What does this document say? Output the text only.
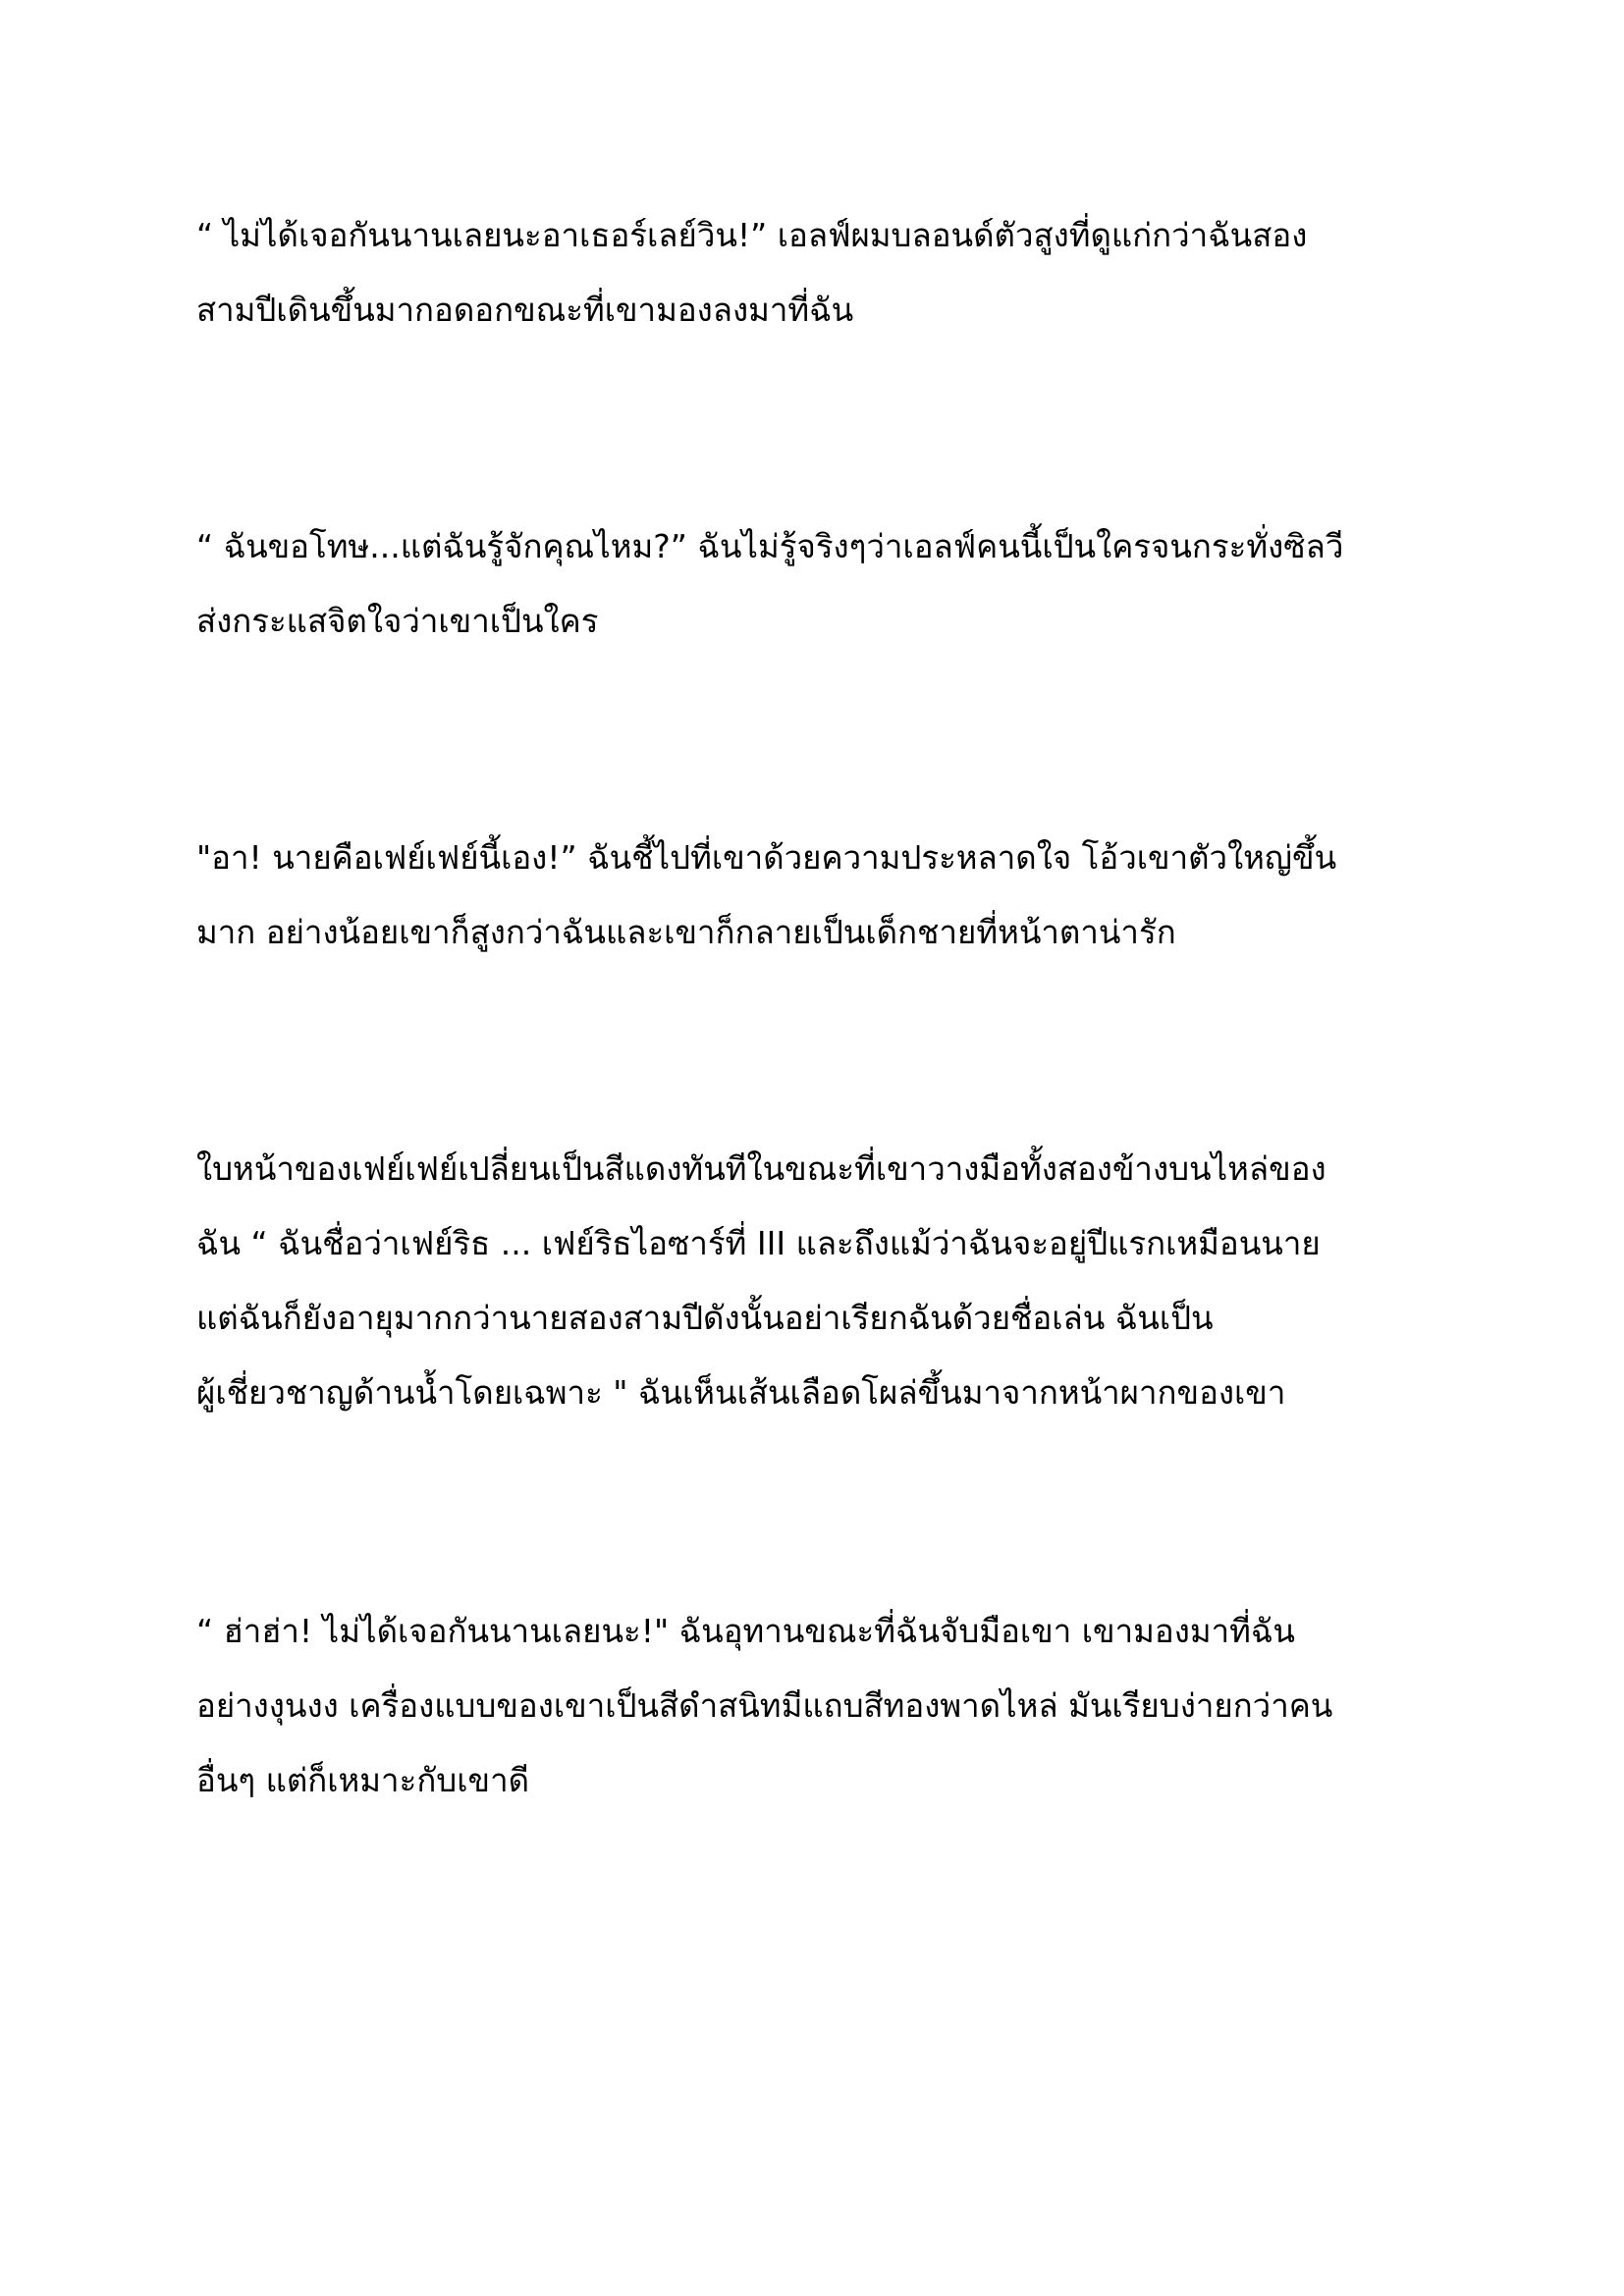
“ ไม่ได้เจอกันนานเลยนะอาเธอร์เลย์วิน!” เอลฟ์ผมบลอนด์ตัวสูงที่ดูแก่กว่าฉันสอง
สามปีเดินขึ้นมากอดอกขณะที่เขามองลงมาที่ฉัน
“ ฉันขอโทษ...แต่ฉันรู้จักคุณไหม?” ฉันไม่รู้จริงๆว่าเอลฟ์คนนี้เป็นใครจนกระทั่งซิลวี
ส่งกระแสจิตใจว่าเขาเป็นใคร
"อา! นายคือเฟย์เฟย์นี้เอง!” ฉันชี้ไปที่เขาด้วยความประหลาดใจ โอ้วเขาตัวใหญ่ขึ้น
มาก อย่างน้อยเขาก็สูงกว่าฉันและเขาก็กลายเป็นเด็กชายที่หน้าตาน่ารัก
ใบหน้าของเฟย์เฟย์เปลี่ยนเป็นสีแดงทันทีในขณะที่เขาวางมือทั้งสองข้างบนไหล่ของ
ฉัน “ ฉันชื่อว่าเฟย์ริธ ... เฟย์ริธไอซาร์ที่ III และถึงแม้ว่าฉันจะอยู่ปีแรกเหมือนนาย
แต่ฉันก็ยังอายุมากกว่านายสองสามปีดังนั้นอย่าเรียกฉันด้วยชื่อเล่น ฉันเป็น
ผู้เชี่ยวชาญด้านน้ำโดยเฉพาะ " ฉันเห็นเส้นเลือดโผล่ขึ้นมาจากหน้าผากของเขา
“ ฮ่าฮ่า! ไม่ได้เจอกันนานเลยนะ!" ฉันอุทานขณะที่ฉันจับมือเขา เขามองมาที่ฉัน
อย่างงุนงง เครื่องแบบของเขาเป็นสีดำสนิทมีแถบสีทองพาดไหล่ มันเรียบง่ายกว่าคน
อื่นๆ แต่ก็เหมาะกับเขาดี
